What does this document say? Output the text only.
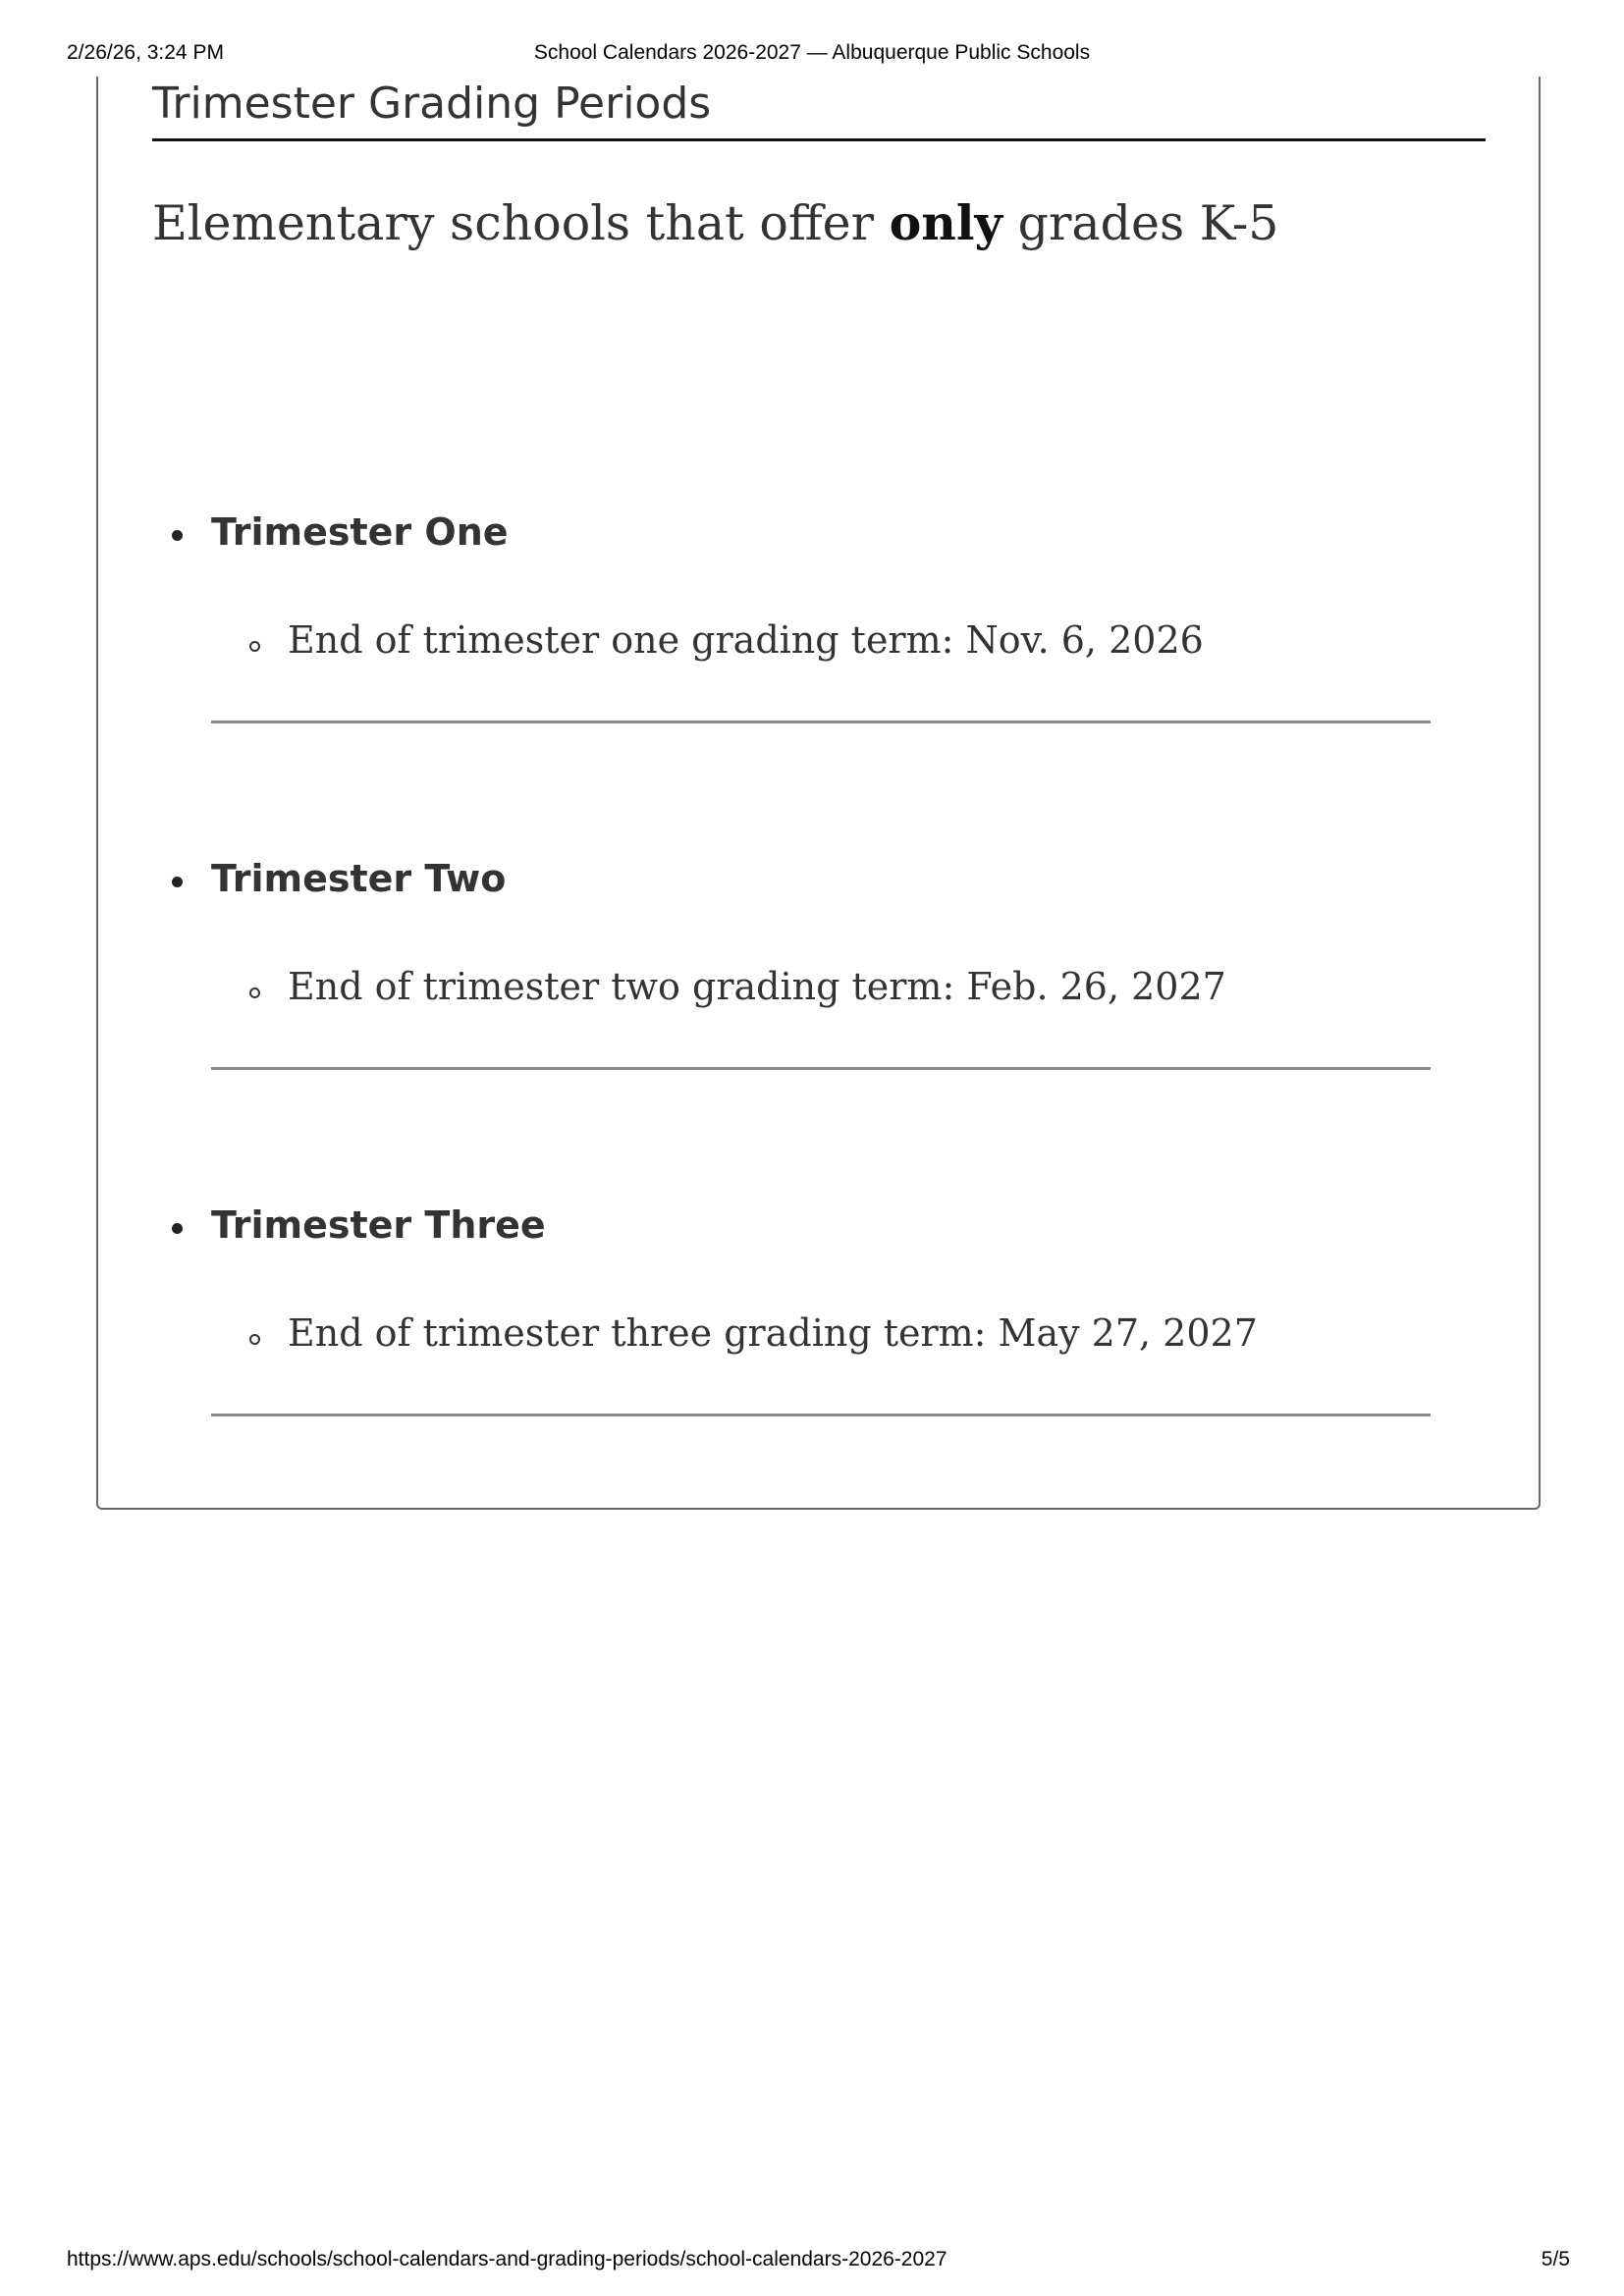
2/26/26, 3:24 PM	School Calendars 2026-2027 — Albuquerque Public Schools
Trimester Grading Periods
Elementary schools that offer only grades K-5
Trimester One
End of trimester one grading term: Nov. 6, 2026
Trimester Two
End of trimester two grading term: Feb. 26, 2027
Trimester Three
End of trimester three grading term: May 27, 2027
https://www.aps.edu/schools/school-calendars-and-grading-periods/school-calendars-2026-2027	5/5
